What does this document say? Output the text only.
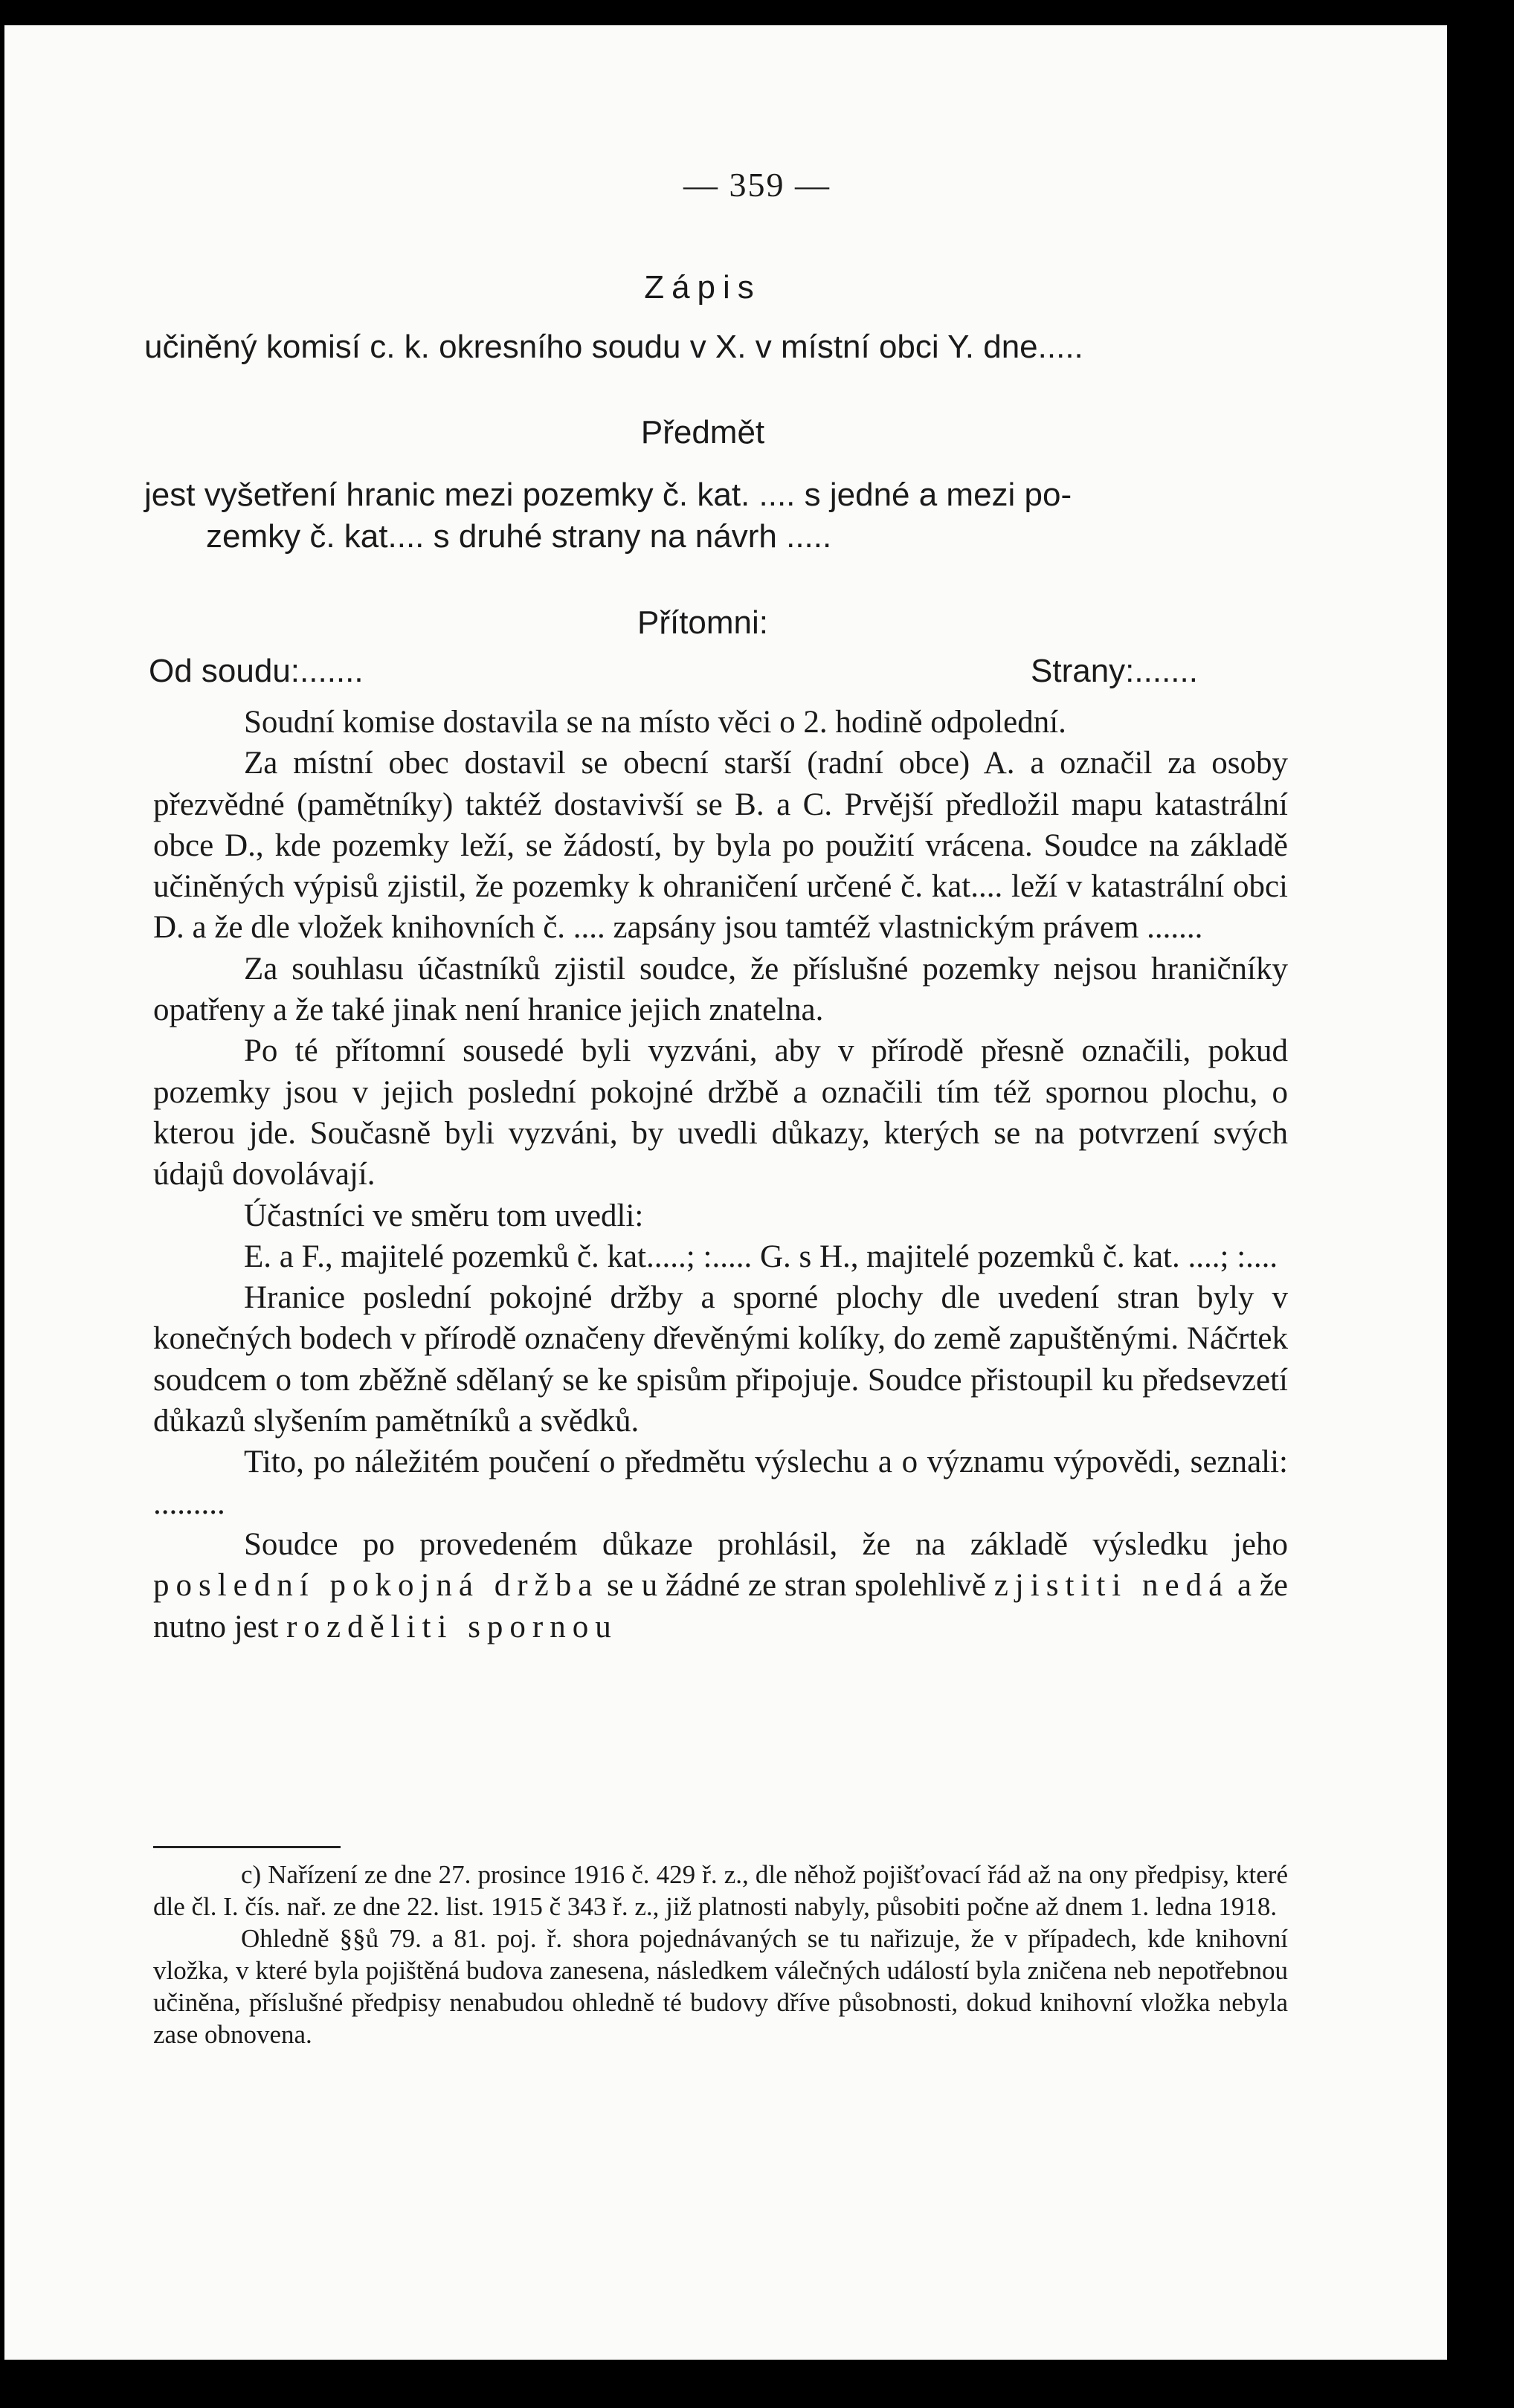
— 359 —
Zápis
učiněný komisí c. k. okresního soudu v X. v místní obci Y. dne.....
Předmět
jest vyšetření hranic mezi pozemky č. kat. .... s jedné a mezi po-
zemky č. kat.... s druhé strany na návrh .....
Přítomni:
Od soudu:.......	Strany:.......

Soudní komise dostavila se na místo věci o 2. hodině odpolední.

Za místní obec dostavil se obecní starší (radní obce) A. a označil za osoby přezvědné (pamětníky) taktéž dostavivší se B. a C. Prvější předložil mapu katastrální obce D., kde pozemky leží, se žádostí, by byla po použití vrácena. Soudce na základě učiněných výpisů zjistil, že pozemky k ohraničení určené č. kat.... leží v katastrální obci D. a že dle vložek knihovních č. .... zapsány jsou tamtéž vlastnickým právem .......

Za souhlasu účastníků zjistil soudce, že příslušné pozemky nejsou hraničníky opatřeny a že také jinak není hranice jejich znatelna.

Po té přítomní sousedé byli vyzváni, aby v přírodě přesně označili, pokud pozemky jsou v jejich poslední pokojné držbě a označili tím též spornou plochu, o kterou jde. Současně byli vyzváni, by uvedli důkazy, kterých se na potvrzení svých údajů dovolávají.

Účastníci ve směru tom uvedli:

E. a F., majitelé pozemků č. kat.....; :..... G. s H., majitelé pozemků č. kat. ....; :....

Hranice poslední pokojné držby a sporné plochy dle uvedení stran byly v konečných bodech v přírodě označeny dřevěnými kolíky, do země zapuštěnými. Náčrtek soudcem o tom zběžně sdělaný se ke spisům připojuje. Soudce přistoupil ku předsevzetí důkazů slyšením pamětníků a svědků.

Tito, po náležitém poučení o předmětu výslechu a o významu výpovědi, seznali: .........

Soudce po provedeném důkaze prohlásil, že na základě výsledku jeho poslední pokojná držba se u žádné ze stran spolehlivě zjistiti nedá a že nutno jest rozděliti spornou

c) Nařízení ze dne 27. prosince 1916 č. 429 ř. z., dle něhož pojišťovací řád až na ony předpisy, které dle čl. I. čís. nař. ze dne 22. list. 1915 č 343 ř. z., již platnosti nabyly, působiti počne až dnem 1. ledna 1918.

Ohledně §§ů 79. a 81. poj. ř. shora pojednávaných se tu nařizuje, že v případech, kde knihovní vložka, v které byla pojištěná budova zanesena, následkem válečných událostí byla zničena neb nepotřebnou učiněna, příslušné předpisy nenabudou ohledně té budovy dříve působnosti, dokud knihovní vložka nebyla zase obnovena.
